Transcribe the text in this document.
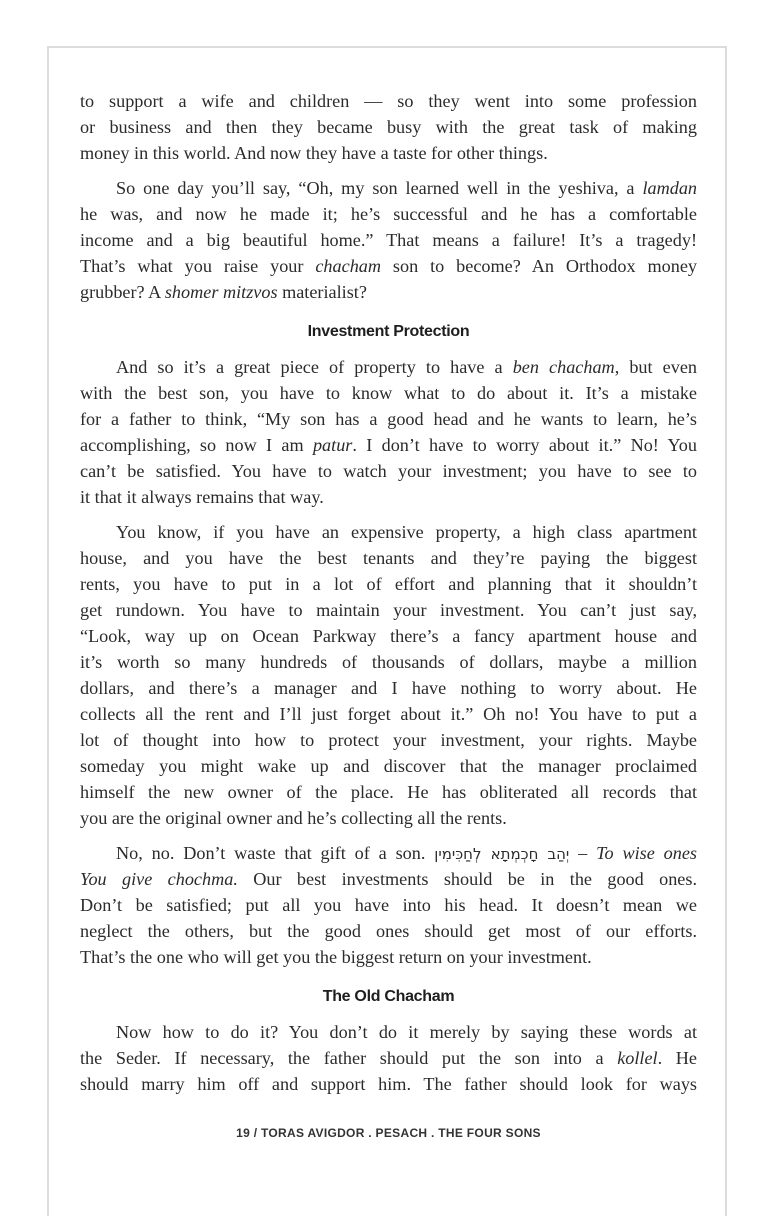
to support a wife and children — so they went into some profession
or business and then they became busy with the great task of making
money in this world. And now they have a taste for other things.
So one day you’ll say, “Oh, my son learned well in the yeshiva, a lamdan
he was, and now he made it; he’s successful and he has a comfortable
income and a big beautiful home.” That means a failure! It’s a tragedy!
That’s what you raise your chacham son to become? An Orthodox money
grubber? A shomer mitzvos materialist?
Investment Protection
And so it’s a great piece of property to have a ben chacham, but even
with the best son, you have to know what to do about it. It’s a mistake
for a father to think, “My son has a good head and he wants to learn, he’s
accomplishing, so now I am patur. I don’t have to worry about it.” No! You
can’t be satisfied. You have to watch your investment; you have to see to
it that it always remains that way.
You know, if you have an expensive property, a high class apartment
house, and you have the best tenants and they’re paying the biggest
rents, you have to put in a lot of effort and planning that it shouldn’t
get rundown. You have to maintain your investment. You can’t just say,
“Look, way up on Ocean Parkway there’s a fancy apartment house and
it’s worth so many hundreds of thousands of dollars, maybe a million
dollars, and there’s a manager and I have nothing to worry about. He
collects all the rent and I’ll just forget about it.” Oh no! You have to put a
lot of thought into how to protect your investment, your rights. Maybe
someday you might wake up and discover that the manager proclaimed
himself the new owner of the place. He has obliterated all records that
you are the original owner and he’s collecting all the rents.
No, no. Don’t waste that gift of a son. יְהַב חָכְמְתָא לְחַכִּימִין – To wise ones
You give chochma. Our best investments should be in the good ones.
Don’t be satisfied; put all you have into his head. It doesn’t mean we
neglect the others, but the good ones should get most of our efforts.
That’s the one who will get you the biggest return on your investment.
The Old Chacham
Now how to do it? You don’t do it merely by saying these words at
the Seder. If necessary, the father should put the son into a kollel. He
should marry him off and support him. The father should look for ways
19 / TORAS AVIGDOR . PESACH . THE FOUR SONS
